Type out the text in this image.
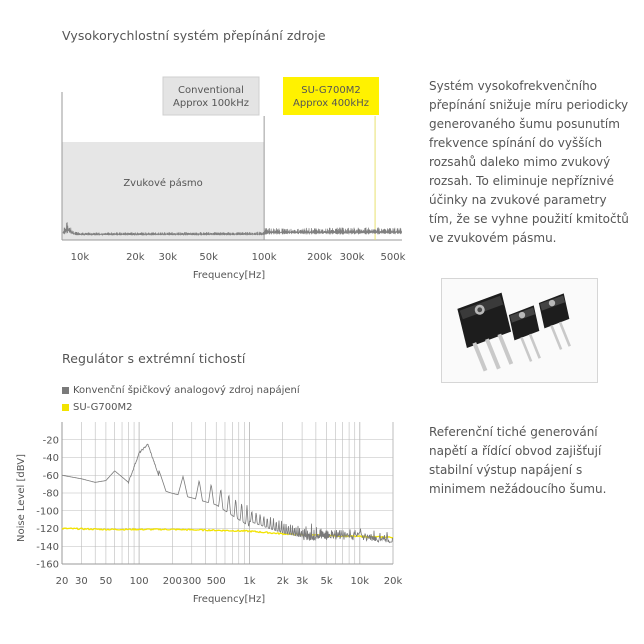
Vysokorychlostní systém přepínání zdroje
Zvukové pásmo
Conventional
Approx 100kHz
SU-G700M2
Approx 400kHz
10k	20k 30k 50k	100k	200k 300k 500k
Frequency[Hz]
Systém vysokofrekvenčního přepínání snižuje míru periodicky generovaného šumu posunutím frekvence spínání do vyšších rozsahů daleko mimo zvukový rozsah. To eliminuje nepříznivé účinky na zvukové parametry tím, že se vyhne použití kmitočtů ve zvukovém pásmu.
Regulátor s extrémní tichostí
Konvenční špičkový analogový zdroj napájení
SU-G700M2
-20
-40
-60
-80
-100
-120
-140
-160
20 30 50 100 200 300 500 1k 2k 3k 5k 10k 20k
Frequency[Hz]
Noise Level [dBV]
Referenční tiché generování napětí a řídící obvod zajišťují stabilní výstup napájení s minimem nežádoucího šumu.
